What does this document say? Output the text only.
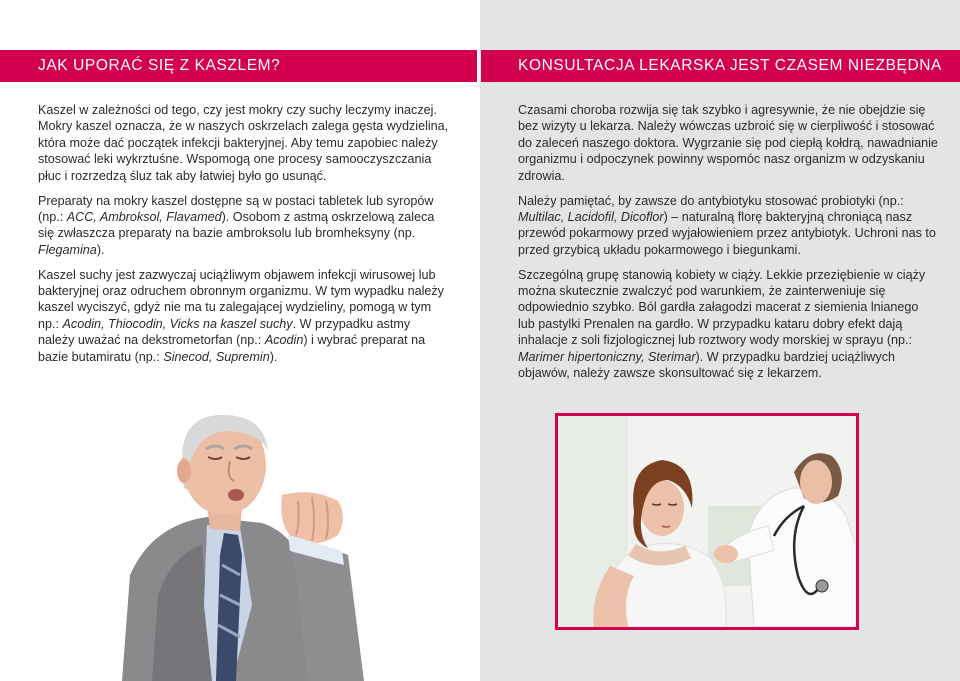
JAK UPORAĆ SIĘ Z KASZLEM?	KONSULTACJA LEKARSKA JEST CZASEM NIEZBĘDNA

Kaszel w zależności od tego, czy jest mokry czy suchy leczymy inaczej. Mokry kaszel oznacza, że w naszych oskrzelach zalega gęsta wydzielina, która może dać początek infekcji bakteryjnej. Aby temu zapobiec należy stosować leki wykrztuśne. Wspomogą one procesy samooczyszczania płuc i rozrzedzą śluz tak aby łatwiej było go usunąć.

Preparaty na mokry kaszel dostępne są w postaci tabletek lub syropów (np.: ACC, Ambroksol, Flavamed). Osobom z astmą oskrzelową zaleca się zwłaszcza preparaty na bazie ambroksolu lub bromheksyny (np. Flegamina).

Kaszel suchy jest zazwyczaj uciążliwym objawem infekcji wirusowej lub bakteryjnej oraz odruchem obronnym organizmu. W tym wypadku należy kaszel wyciszyć, gdyż nie ma tu zalegającej wydzieliny, pomogą w tym np.: Acodin, Thiocodin, Vicks na kaszel suchy. W przypadku astmy należy uważać na dekstrometorfan (np.: Acodin) i wybrać preparat na bazie butamiratu (np.: Sinecod, Supremin).

Czasami choroba rozwija się tak szybko i agresywnie, że nie obejdzie się bez wizyty u lekarza. Należy wówczas uzbroić się w cierpliwość i stosować do zaleceń naszego doktora. Wygrzanie się pod ciepłą kołdrą, nawadnianie organizmu i odpoczynek powinny wspomóc nasz organizm w odzyskaniu zdrowia.

Należy pamiętać, by zawsze do antybiotyku stosować probiotyki (np.: Multilac, Lacidofil, Dicoflor) – naturalną florę bakteryjną chroniącą nasz przewód pokarmowy przed wyjałowieniem przez antybiotyk. Uchroni nas to przed grzybicą układu pokarmowego i biegunkami.

Szczególną grupę stanowią kobiety w ciąży. Lekkie przeziębienie w ciąży można skutecznie zwalczyć pod warunkiem, że zainterweniuje się odpowiednio szybko. Ból gardła załagodzi macerat z siemienia lnianego lub pastylki Prenalen na gardło. W przypadku kataru dobry efekt dają inhalacje z soli fizjologicznej lub roztwory wody morskiej w sprayu (np.: Marimer hipertoniczny, Sterimar). W przypadku bardziej uciążliwych objawów, należy zawsze skonsultować się z lekarzem.
